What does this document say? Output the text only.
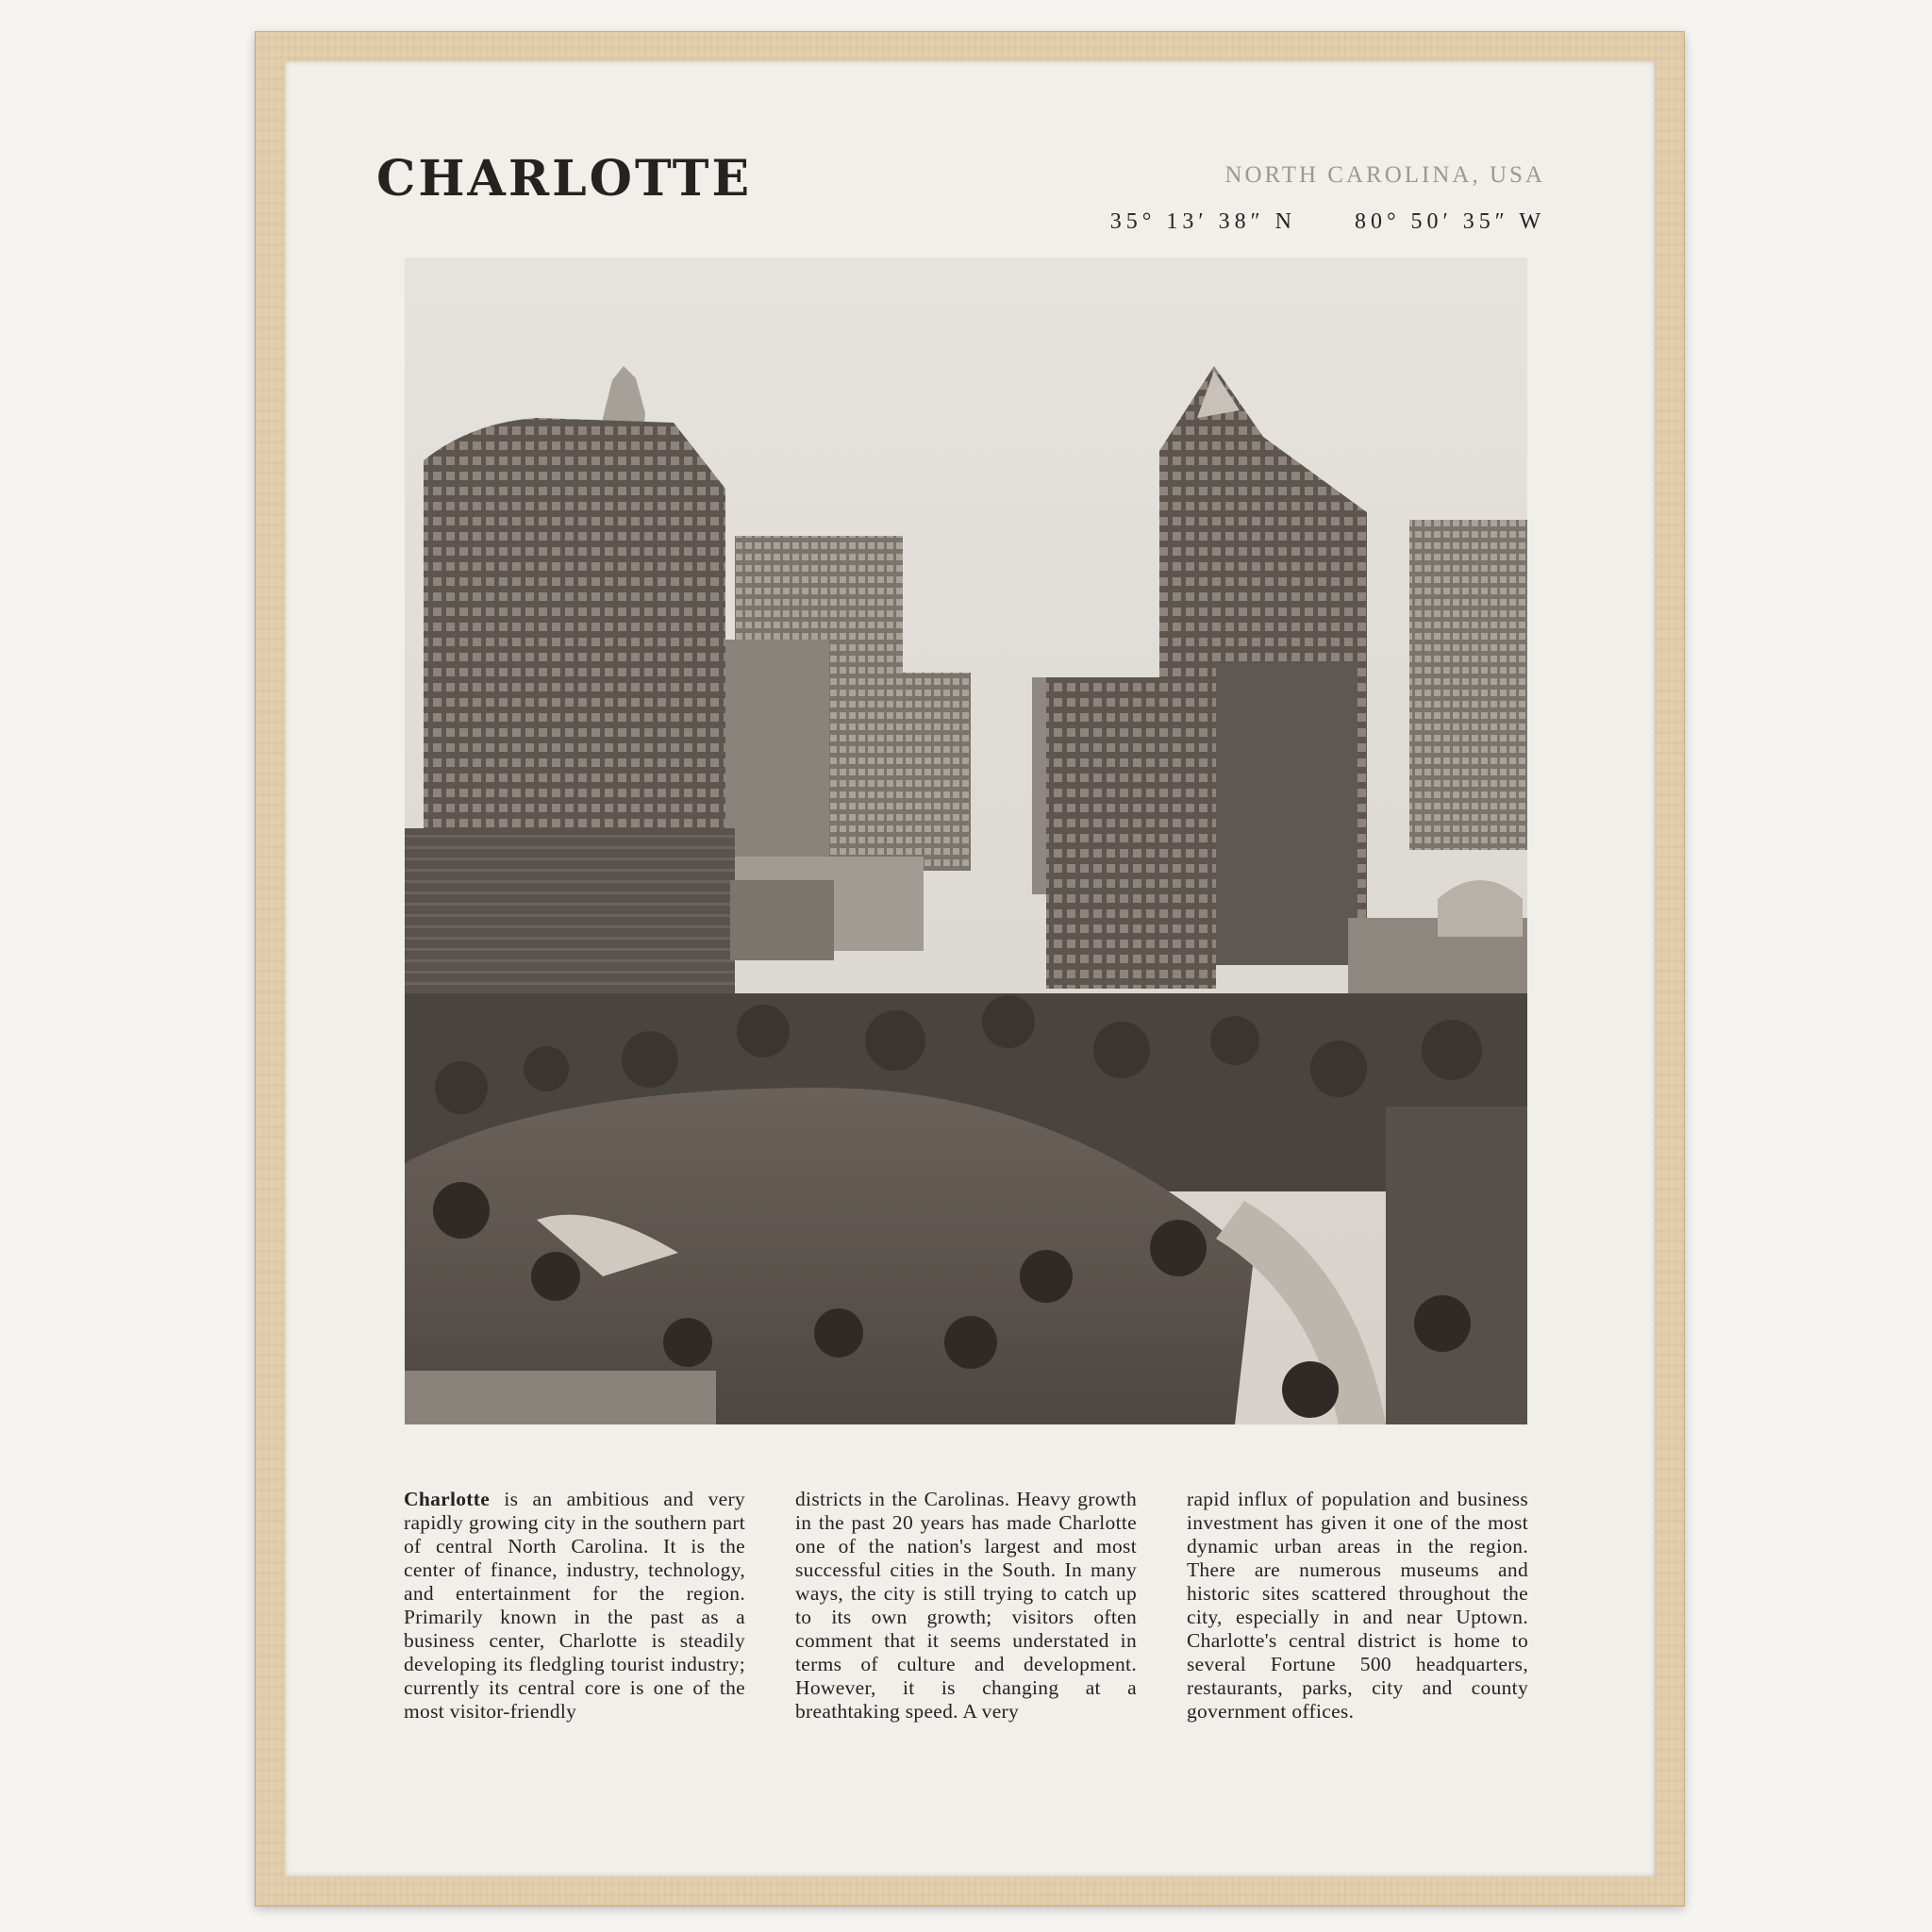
CHARLOTTE	NORTH CAROLINA, USA
35° 13′ 38″ N	80° 50′ 35″ W

Charlotte is an ambitious and very rapidly growing city in the southern part of central North Carolina. It is the center of finance, industry, technology, and entertainment for the region. Primarily known in the past as a business center, Charlotte is steadily developing its fledgling tourist industry; currently its central core is one of the most visitor-friendly

districts in the Carolinas. Heavy growth in the past 20 years has made Charlotte one of the nation's largest and most successful cities in the South. In many ways, the city is still trying to catch up to its own growth; visitors often comment that it seems understated in terms of culture and development. However, it is changing at a breathtaking speed. A very

rapid influx of population and business investment has given it one of the most dynamic urban areas in the region. There are numerous museums and historic sites scattered throughout the city, especially in and near Uptown. Charlotte's central district is home to several Fortune 500 headquarters, restaurants, parks, city and county government offices.
